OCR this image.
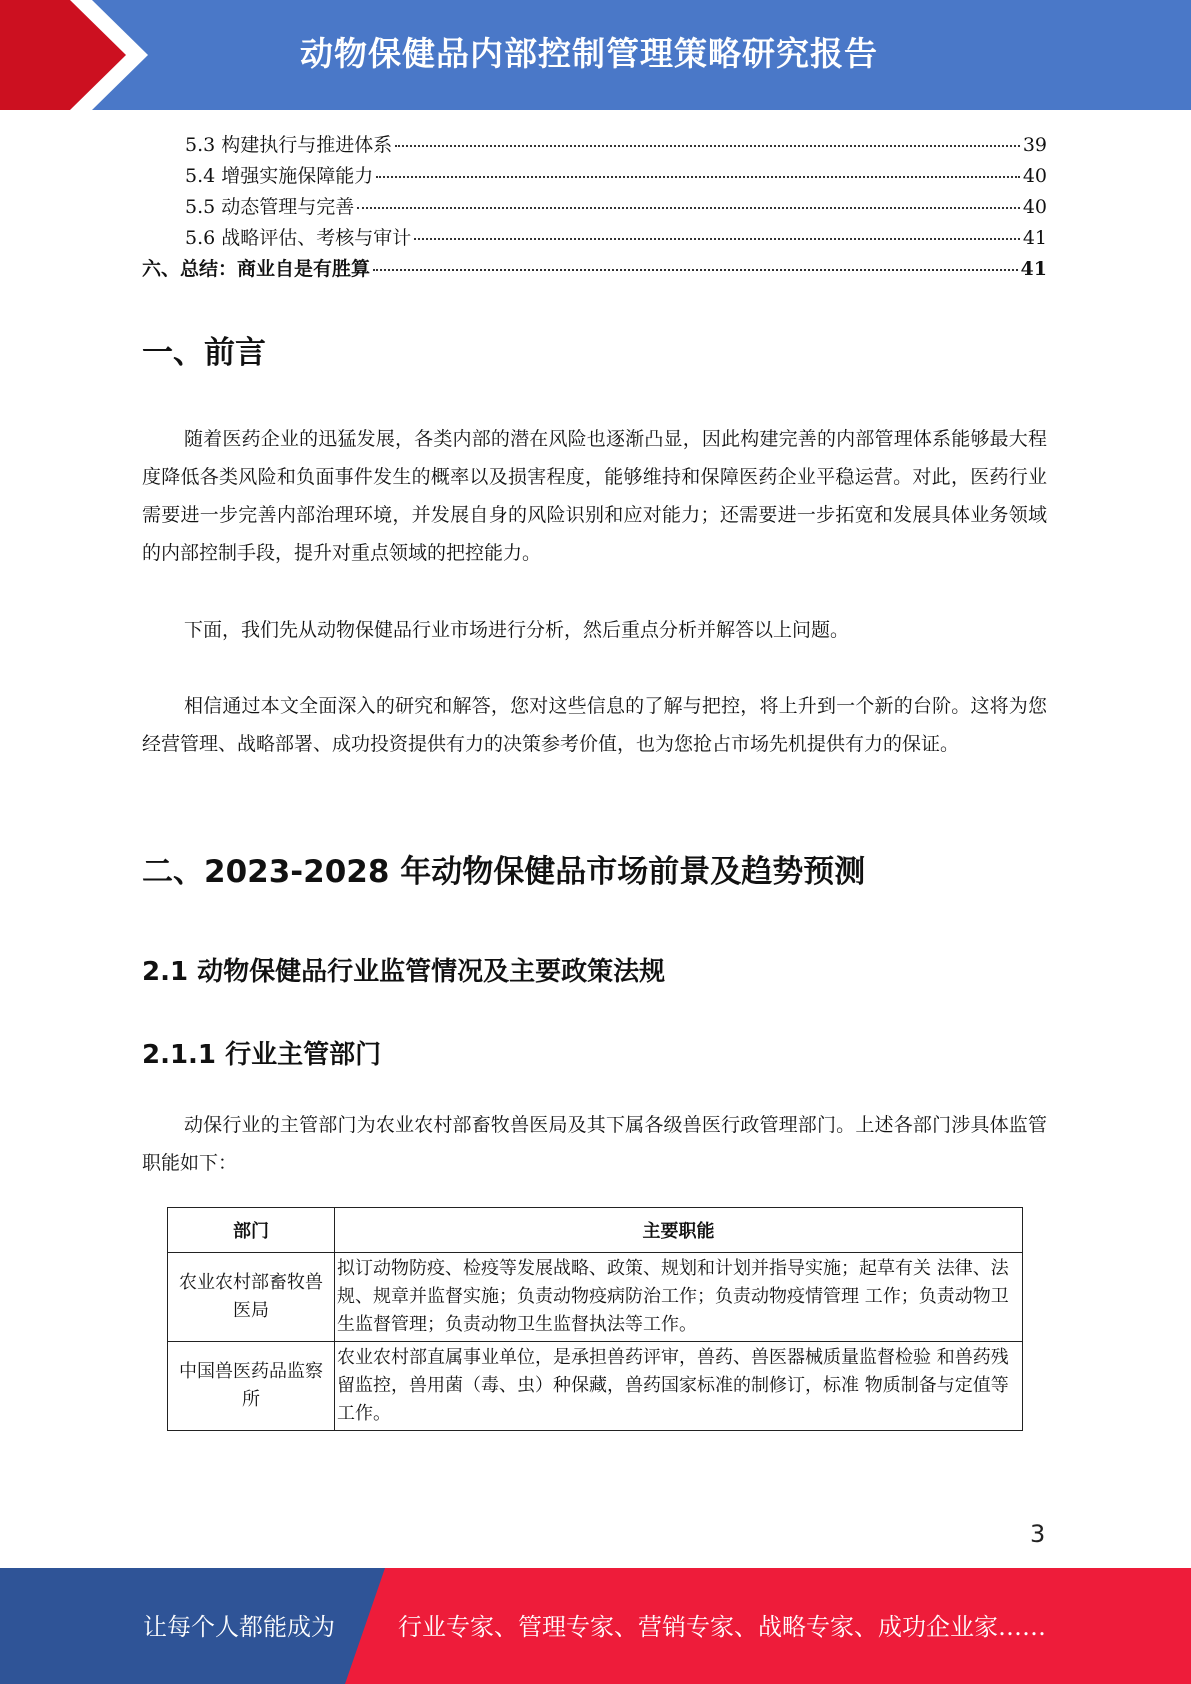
动物保健品内部控制管理策略研究报告
5.3 构建执行与推进体系	39
5.4 增强实施保障能力	40
5.5 动态管理与完善	40
5.6 战略评估、考核与审计	41
六、总结：商业自是有胜算	41
一、前言
随着医药企业的迅猛发展，各类内部的潜在风险也逐渐凸显，因此构建完善的内部管理体系能够最大程度降低各类风险和负面事件发生的概率以及损害程度，能够维持和保障医药企业平稳运营。对此，医药行业需要进一步完善内部治理环境，并发展自身的风险识别和应对能力；还需要进一步拓宽和发展具体业务领域的内部控制手段，提升对重点领域的把控能力。
下面，我们先从动物保健品行业市场进行分析，然后重点分析并解答以上问题。
相信通过本文全面深入的研究和解答，您对这些信息的了解与把控，将上升到一个新的台阶。这将为您经营管理、战略部署、成功投资提供有力的决策参考价值，也为您抢占市场先机提供有力的保证。
二、2023-2028 年动物保健品市场前景及趋势预测
2.1 动物保健品行业监管情况及主要政策法规
2.1.1 行业主管部门
动保行业的主管部门为农业农村部畜牧兽医局及其下属各级兽医行政管理部门。上述各部门涉具体监管职能如下：
部门	主要职能
农业农村部畜牧兽医局	拟订动物防疫、检疫等发展战略、政策、规划和计划并指导实施；起草有关 法律、法规、规章并监督实施；负责动物疫病防治工作；负责动物疫情管理 工作；负责动物卫生监督管理；负责动物卫生监督执法等工作。
中国兽医药品监察所	农业农村部直属事业单位，是承担兽药评审，兽药、兽医器械质量监督检验 和兽药残留监控，兽用菌（毒、虫）种保藏，兽药国家标准的制修订，标准 物质制备与定值等工作。
3
让每个人都能成为	行业专家、管理专家、营销专家、战略专家、成功企业家……
